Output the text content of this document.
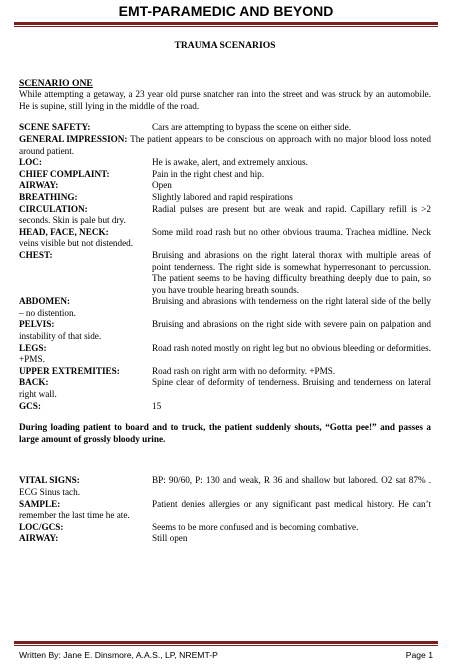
EMT-PARAMEDIC AND BEYOND
TRAUMA SCENARIOS
SCENARIO ONE
While attempting a getaway, a 23 year old purse snatcher ran into the street and was struck by an automobile. He is supine, still lying in the middle of the road.
SCENE SAFETY:	Cars are attempting to bypass the scene on either side.
GENERAL IMPRESSION: The patient appears to be conscious on approach with no major blood loss noted around patient.
LOC:	He is awake, alert, and extremely anxious.
CHIEF COMPLAINT:	Pain in the right chest and hip.
AIRWAY:	Open
BREATHING:	Slightly labored and rapid respirations
CIRCULATION:	Radial pulses are present but are weak and rapid. Capillary refill is >2 seconds. Skin is pale but dry.
HEAD, FACE, NECK:	Some mild road rash but no other obvious trauma. Trachea midline. Neck veins visible but not distended.
CHEST:	Bruising and abrasions on the right lateral thorax with multiple areas of point tenderness. The right side is somewhat hyperresonant to percussion. The patient seems to be having difficulty breathing deeply due to pain, so you have trouble hearing breath sounds.
ABDOMEN:	Bruising and abrasions with tenderness on the right lateral side of the belly – no distention.
PELVIS:	Bruising and abrasions on the right side with severe pain on palpation and instability of that side.
LEGS:	Road rash noted mostly on right leg but no obvious bleeding or deformities. +PMS.
UPPER EXTREMITIES:	Road rash on right arm with no deformity. +PMS.
BACK:	Spine clear of deformity of tenderness. Bruising and tenderness on lateral right wall.
GCS:	15
During loading patient to board and to truck, the patient suddenly shouts, “Gotta pee!” and passes a large amount of grossly bloody urine.
VITAL SIGNS:	BP: 90/60, P: 130 and weak, R 36 and shallow but labored. O2 sat 87% . ECG Sinus tach.
SAMPLE:	Patient denies allergies or any significant past medical history. He can’t remember the last time he ate.
LOC/GCS:	Seems to be more confused and is becoming combative.
AIRWAY:	Still open
Written By: Jane E. Dinsmore, A.A.S., LP, NREMT-P	Page 1
